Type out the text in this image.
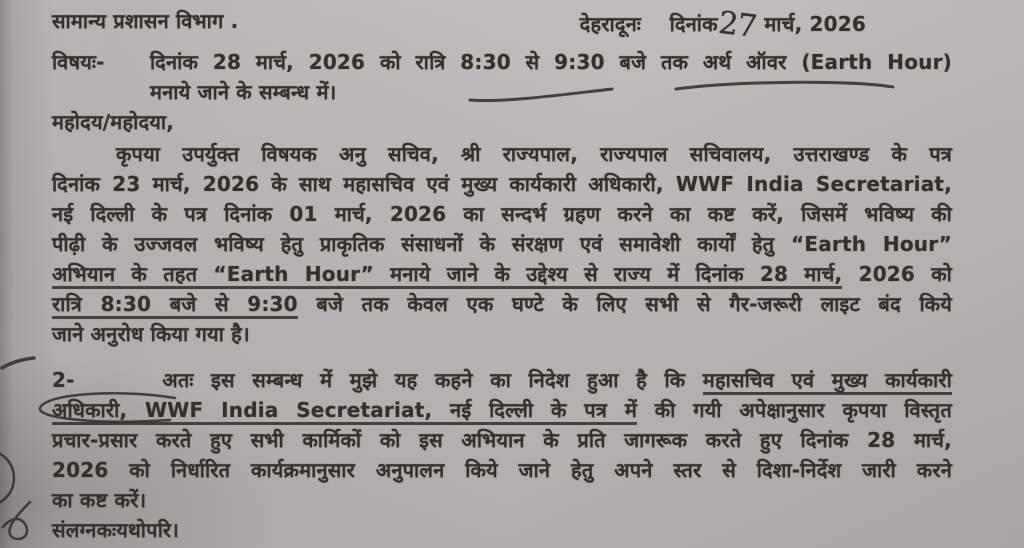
सामान्य प्रशासन विभाग .	देहरादूनः दिनांक27 मार्च, 2026
विषयः-	दिनांक 28 मार्च, 2026 को रात्रि 8:30 से 9:30 बजे तक अर्थ ऑवर (Earth Hour)
मनाये जाने के सम्बन्ध में।
महोदय/महोदया,
कृपया उपर्युक्त विषयक अनु सचिव, श्री राज्यपाल, राज्यपाल सचिवालय, उत्तराखण्ड के पत्र
दिनांक 23 मार्च, 2026 के साथ महासचिव एवं मुख्य कार्यकारी अधिकारी, WWF India Secretariat,
नई दिल्ली के पत्र दिनांक 01 मार्च, 2026 का सन्दर्भ ग्रहण करने का कष्ट करें, जिसमें भविष्य की
पीढ़ी के उज्जवल भविष्य हेतु प्राकृतिक संसाधनों के संरक्षण एवं समावेशी कार्यों हेतु “Earth Hour”
अभियान के तहत “Earth Hour” मनाये जाने के उद्देश्य से राज्य में दिनांक 28 मार्च, 2026 को
रात्रि 8:30 बजे से 9:30 बजे तक केवल एक घण्टे के लिए सभी से गैर-जरूरी लाइट बंद किये
जाने अनुरोध किया गया है।
2-     अतः इस सम्बन्ध में मुझे यह कहने का निदेश हुआ है कि महासचिव एवं मुख्य कार्यकारी
अधिकारी, WWF India Secretariat, नई दिल्ली के पत्र में की गयी अपेक्षानुसार कृपया विस्तृत
प्रचार-प्रसार करते हुए सभी कार्मिकों को इस अभियान के प्रति जागरूक करते हुए दिनांक 28 मार्च,
2026 को निर्धारित कार्यक्रमानुसार अनुपालन किये जाने हेतु अपने स्तर से दिशा-निर्देश जारी करने
का कष्ट करें।
संलग्नकःयथोपरि।
